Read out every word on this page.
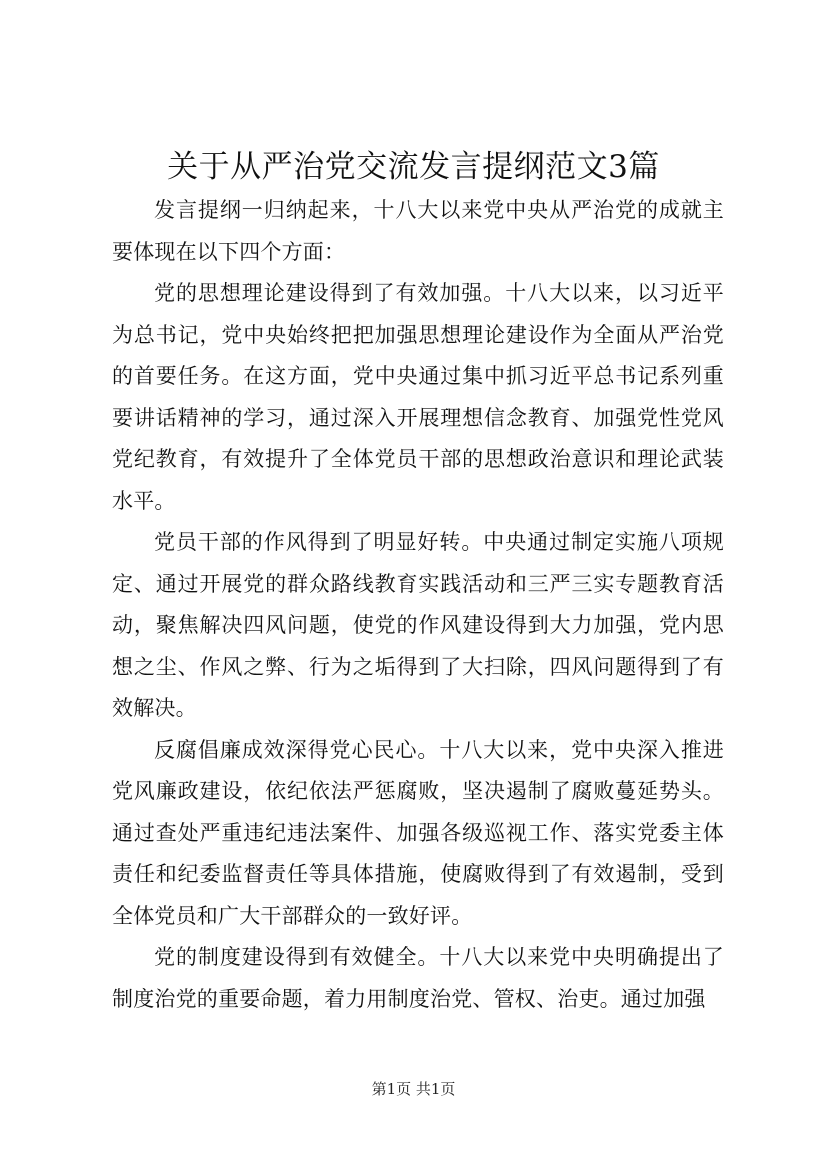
关于从严治党交流发言提纲范文3篇

发言提纲一归纳起来，十八大以来党中央从严治党的成就主要体现在以下四个方面：

党的思想理论建设得到了有效加强。十八大以来，以习近平为总书记，党中央始终把把加强思想理论建设作为全面从严治党的首要任务。在这方面，党中央通过集中抓习近平总书记系列重要讲话精神的学习，通过深入开展理想信念教育、加强党性党风党纪教育，有效提升了全体党员干部的思想政治意识和理论武装水平。

党员干部的作风得到了明显好转。中央通过制定实施八项规定、通过开展党的群众路线教育实践活动和三严三实专题教育活动，聚焦解决四风问题，使党的作风建设得到大力加强，党内思想之尘、作风之弊、行为之垢得到了大扫除，四风问题得到了有效解决。

反腐倡廉成效深得党心民心。十八大以来，党中央深入推进党风廉政建设，依纪依法严惩腐败，坚决遏制了腐败蔓延势头。通过查处严重违纪违法案件、加强各级巡视工作、落实党委主体责任和纪委监督责任等具体措施，使腐败得到了有效遏制，受到全体党员和广大干部群众的一致好评。

党的制度建设得到有效健全。十八大以来党中央明确提出了制度治党的重要命题，着力用制度治党、管权、治吏。通过加强

第1页 共1页
